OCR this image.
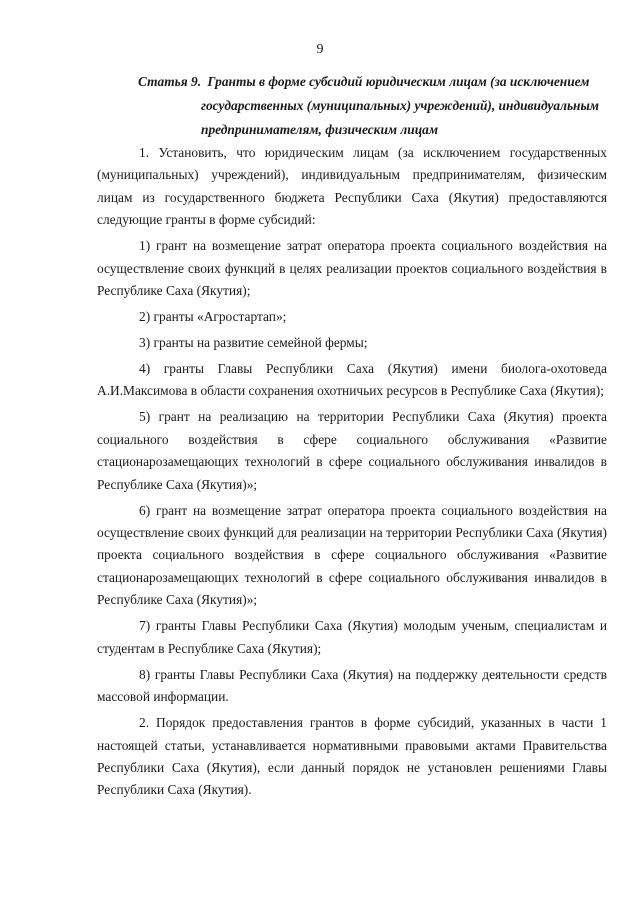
9
Статья 9. Гранты в форме субсидий юридическим лицам (за исключением
государственных (муниципальных) учреждений), индивидуальным
предпринимателям, физическим лицам

1. Установить, что юридическим лицам (за исключением государственных (муниципальных) учреждений), индивидуальным предпринимателям, физическим лицам из государственного бюджета Республики Саха (Якутия) предоставляются следующие гранты в форме субсидий:

1) грант на возмещение затрат оператора проекта социального воздействия на осуществление своих функций в целях реализации проектов социального воздействия в Республике Саха (Якутия);

2) гранты «Агростартап»;

3) гранты на развитие семейной фермы;

4) гранты Главы Республики Саха (Якутия) имени биолога-охотоведа А.И.Максимова в области сохранения охотничьих ресурсов в Республике Саха (Якутия);

5) грант на реализацию на территории Республики Саха (Якутия) проекта социального воздействия в сфере социального обслуживания «Развитие стационарозамещающих технологий в сфере социального обслуживания инвалидов в Республике Саха (Якутия)»;

6) грант на возмещение затрат оператора проекта социального воздействия на осуществление своих функций для реализации на территории Республики Саха (Якутия) проекта социального воздействия в сфере социального обслуживания «Развитие стационарозамещающих технологий в сфере социального обслуживания инвалидов в Республике Саха (Якутия)»;

7) гранты Главы Республики Саха (Якутия) молодым ученым, специалистам и студентам в Республике Саха (Якутия);

8) гранты Главы Республики Саха (Якутия) на поддержку деятельности средств массовой информации.

2. Порядок предоставления грантов в форме субсидий, указанных в части 1 настоящей статьи, устанавливается нормативными правовыми актами Правительства Республики Саха (Якутия), если данный порядок не установлен решениями Главы Республики Саха (Якутия).
